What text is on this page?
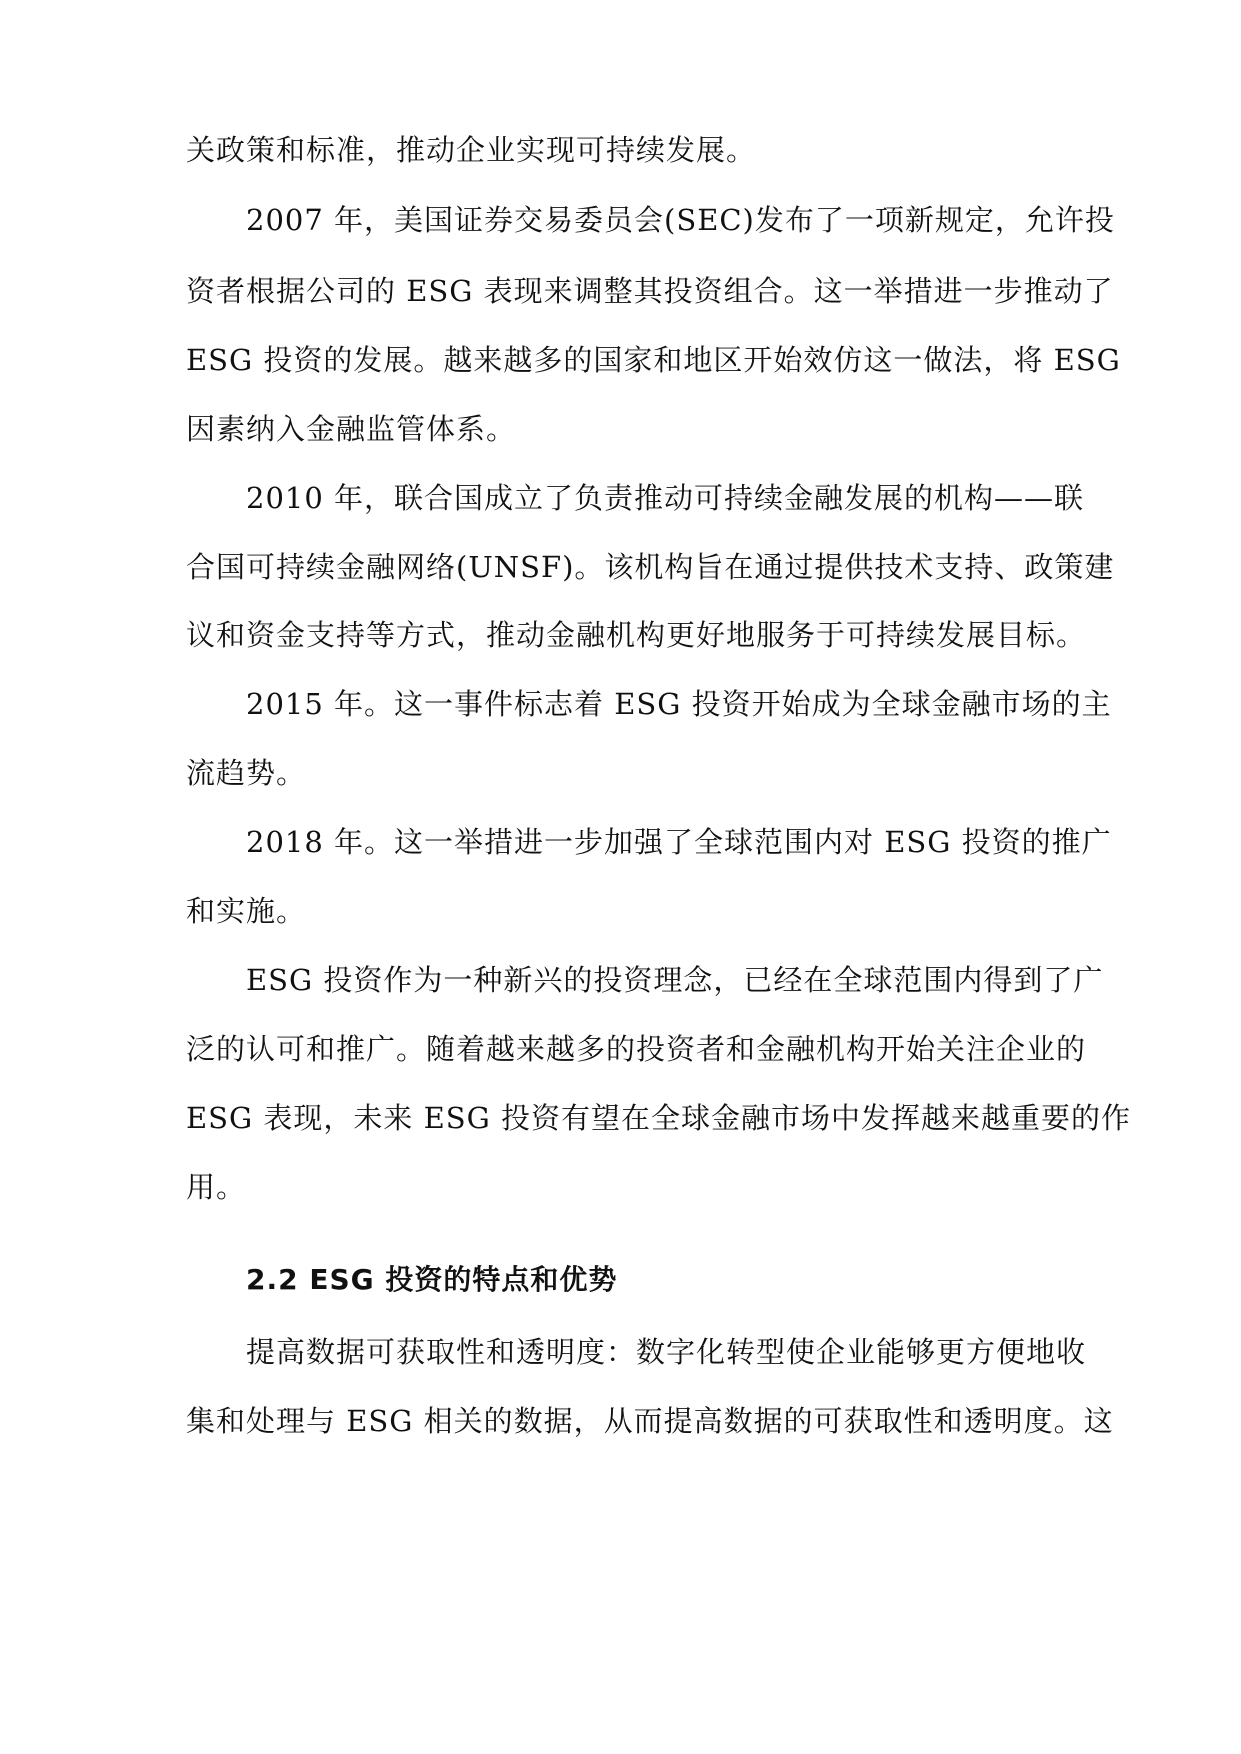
关政策和标准，推动企业实现可持续发展。
2007 年，美国证券交易委员会(SEC)发布了一项新规定，允许投
资者根据公司的 ESG 表现来调整其投资组合。这一举措进一步推动了
ESG 投资的发展。越来越多的国家和地区开始效仿这一做法，将 ESG
因素纳入金融监管体系。
2010 年，联合国成立了负责推动可持续金融发展的机构——联
合国可持续金融网络(UNSF)。该机构旨在通过提供技术支持、政策建
议和资金支持等方式，推动金融机构更好地服务于可持续发展目标。
2015 年。这一事件标志着 ESG 投资开始成为全球金融市场的主
流趋势。
2018 年。这一举措进一步加强了全球范围内对 ESG 投资的推广
和实施。
ESG 投资作为一种新兴的投资理念，已经在全球范围内得到了广
泛的认可和推广。随着越来越多的投资者和金融机构开始关注企业的
ESG 表现，未来 ESG 投资有望在全球金融市场中发挥越来越重要的作
用。
2.2 ESG 投资的特点和优势
提高数据可获取性和透明度：数字化转型使企业能够更方便地收
集和处理与 ESG 相关的数据，从而提高数据的可获取性和透明度。这
